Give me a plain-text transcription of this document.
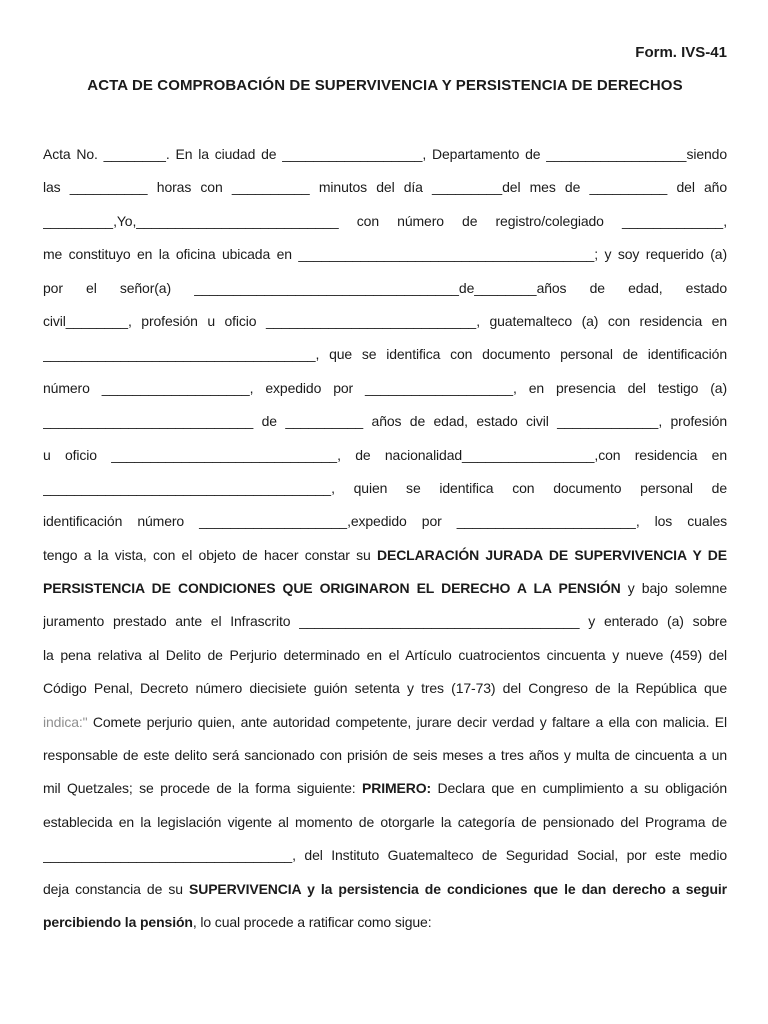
Form. IVS-41
ACTA DE COMPROBACIÓN DE SUPERVIVENCIA Y PERSISTENCIA DE DERECHOS
Acta No. ________. En la ciudad de __________________, Departamento de __________________siendo
las __________ horas con __________ minutos del día _________del mes de __________ del año
_________,Yo,__________________________ con número de registro/colegiado _____________,
me constituyo en la oficina ubicada en ______________________________________; y soy requerido (a)
por el señor(a) __________________________________de________años de edad, estado
civil________, profesión u oficio ___________________________, guatemalteco (a) con residencia en
___________________________________, que se identifica con documento personal de identificación
número ___________________, expedido por ___________________, en presencia del testigo (a)
___________________________ de __________ años de edad, estado civil _____________, profesión
u oficio _____________________________, de nacionalidad_________________,con residencia en
_____________________________________, quien se identifica con documento personal de
identificación número ___________________,expedido por _______________________, los cuales
tengo a la vista, con el objeto de hacer constar su DECLARACIÓN JURADA DE SUPERVIVENCIA Y DE
PERSISTENCIA DE CONDICIONES QUE ORIGINARON EL DERECHO A LA PENSIÓN y bajo solemne
juramento prestado ante el Infrascrito ____________________________________ y enterado (a) sobre
la pena relativa al Delito de Perjurio determinado en el Artículo cuatrocientos cincuenta y nueve (459) del
Código Penal, Decreto número diecisiete guión setenta y tres (17-73) del Congreso de la República que
indica:" Comete perjurio quien, ante autoridad competente, jurare decir verdad y faltare a ella con malicia. El
responsable de este delito será sancionado con prisión de seis meses a tres años y multa de cincuenta a un
mil Quetzales; se procede de la forma siguiente: PRIMERO: Declara que en cumplimiento a su obligación
establecida en la legislación vigente al momento de otorgarle la categoría de pensionado del Programa de
________________________________, del Instituto Guatemalteco de Seguridad Social, por este medio
deja constancia de su SUPERVIVENCIA y la persistencia de condiciones que le dan derecho a seguir
percibiendo la pensión, lo cual procede a ratificar como sigue:
